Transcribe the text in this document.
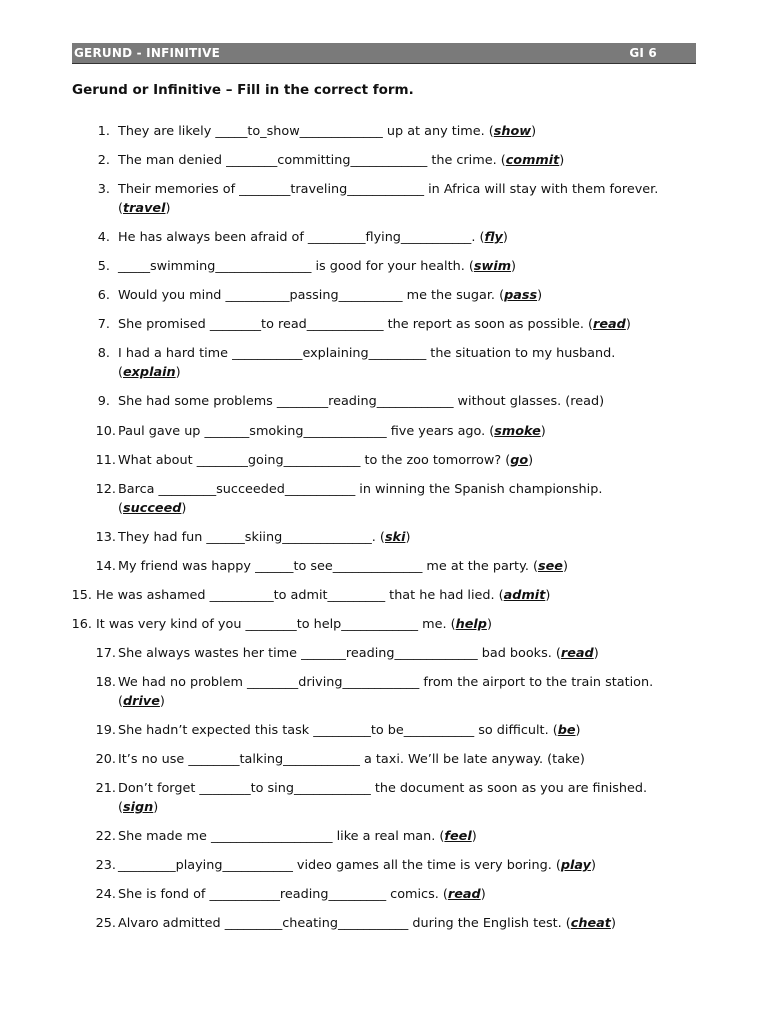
GERUND - INFINITIVE	GI 6
Gerund or Infinitive – Fill in the correct form.
1. They are likely _____to_show_____________ up at any time. (show)
2. The man denied ________committing____________ the crime. (commit)
3. Their memories of ________traveling____________ in Africa will stay with them forever.
(travel)
4. He has always been afraid of _________flying___________. (fly)
5. _____swimming_______________ is good for your health. (swim)
6. Would you mind __________passing__________ me the sugar. (pass)
7. She promised ________to read____________ the report as soon as possible. (read)
8. I had a hard time ___________explaining_________ the situation to my husband.
(explain)
9. She had some problems ________reading____________ without glasses. (read)
10. Paul gave up _______smoking_____________ five years ago. (smoke)
11. What about ________going____________ to the zoo tomorrow? (go)
12. Barca _________succeeded___________ in winning the Spanish championship.
(succeed)
13. They had fun ______skiing______________. (ski)
14. My friend was happy ______to see______________ me at the party. (see)
15. He was ashamed __________to admit_________ that he had lied. (admit)
16. It was very kind of you ________to help____________ me. (help)
17. She always wastes her time _______reading_____________ bad books. (read)
18. We had no problem ________driving____________ from the airport to the train station.
(drive)
19. She hadn’t expected this task _________to be___________ so difficult. (be)
20. It’s no use ________talking____________ a taxi. We’ll be late anyway. (take)
21. Don’t forget ________to sing____________ the document as soon as you are finished.
(sign)
22. She made me ___________________ like a real man. (feel)
23. _________playing___________ video games all the time is very boring. (play)
24. She is fond of ___________reading_________ comics. (read)
25. Alvaro admitted _________cheating___________ during the English test. (cheat)
